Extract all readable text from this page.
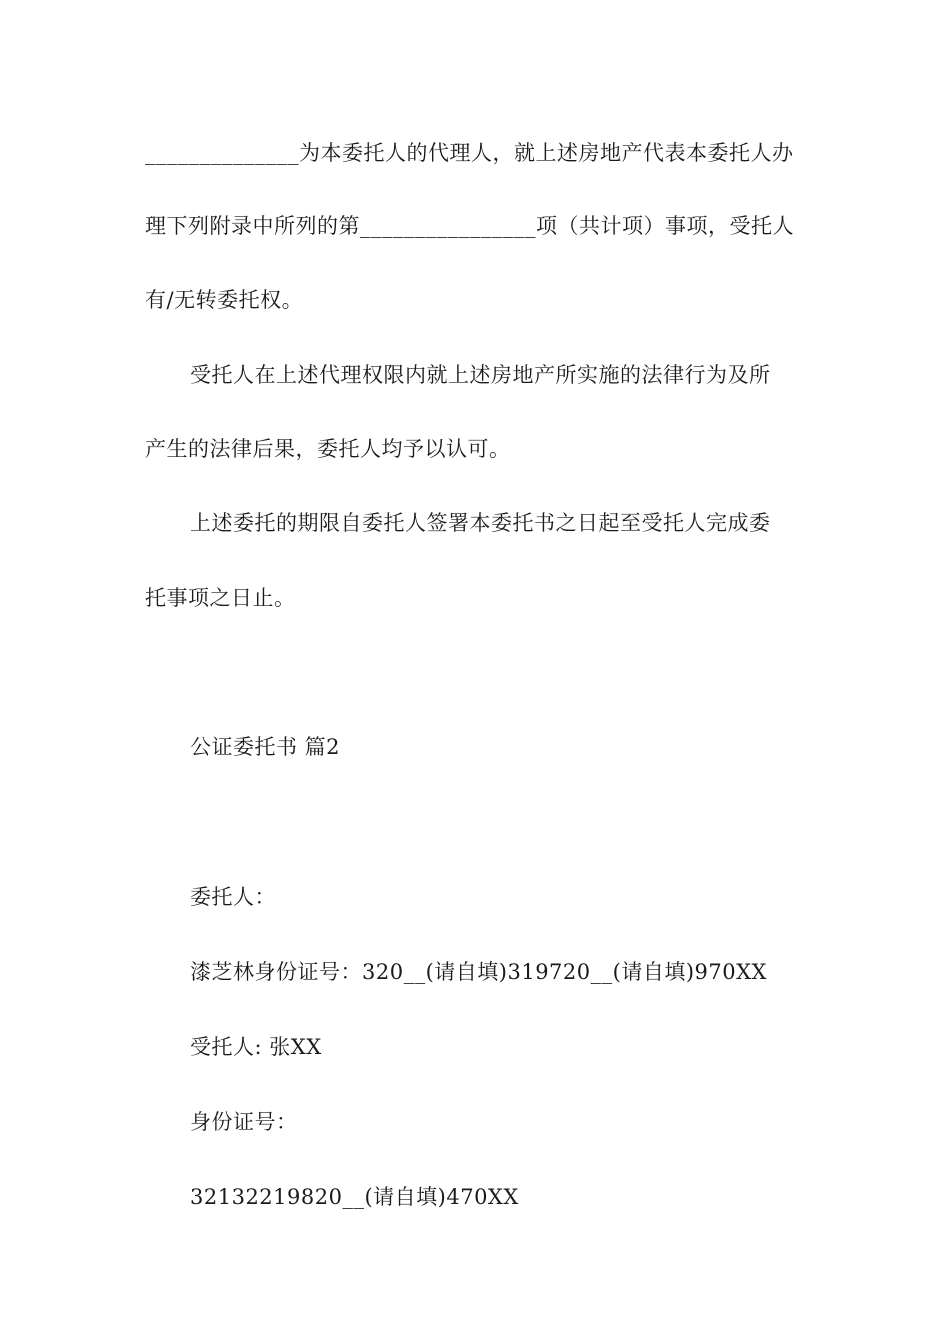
______________为本委托人的代理人，就上述房地产代表本委托人办
理下列附录中所列的第________________项（共计项）事项，受托人
有/无转委托权。
受托人在上述代理权限内就上述房地产所实施的法律行为及所
产生的法律后果，委托人均予以认可。
上述委托的期限自委托人签署本委托书之日起至受托人完成委
托事项之日止。
公证委托书 篇2
委托人：
漆芝林身份证号：320__(请自填)319720__(请自填)970XX
受托人: 张XX
身份证号：
32132219820__(请自填)470XX
